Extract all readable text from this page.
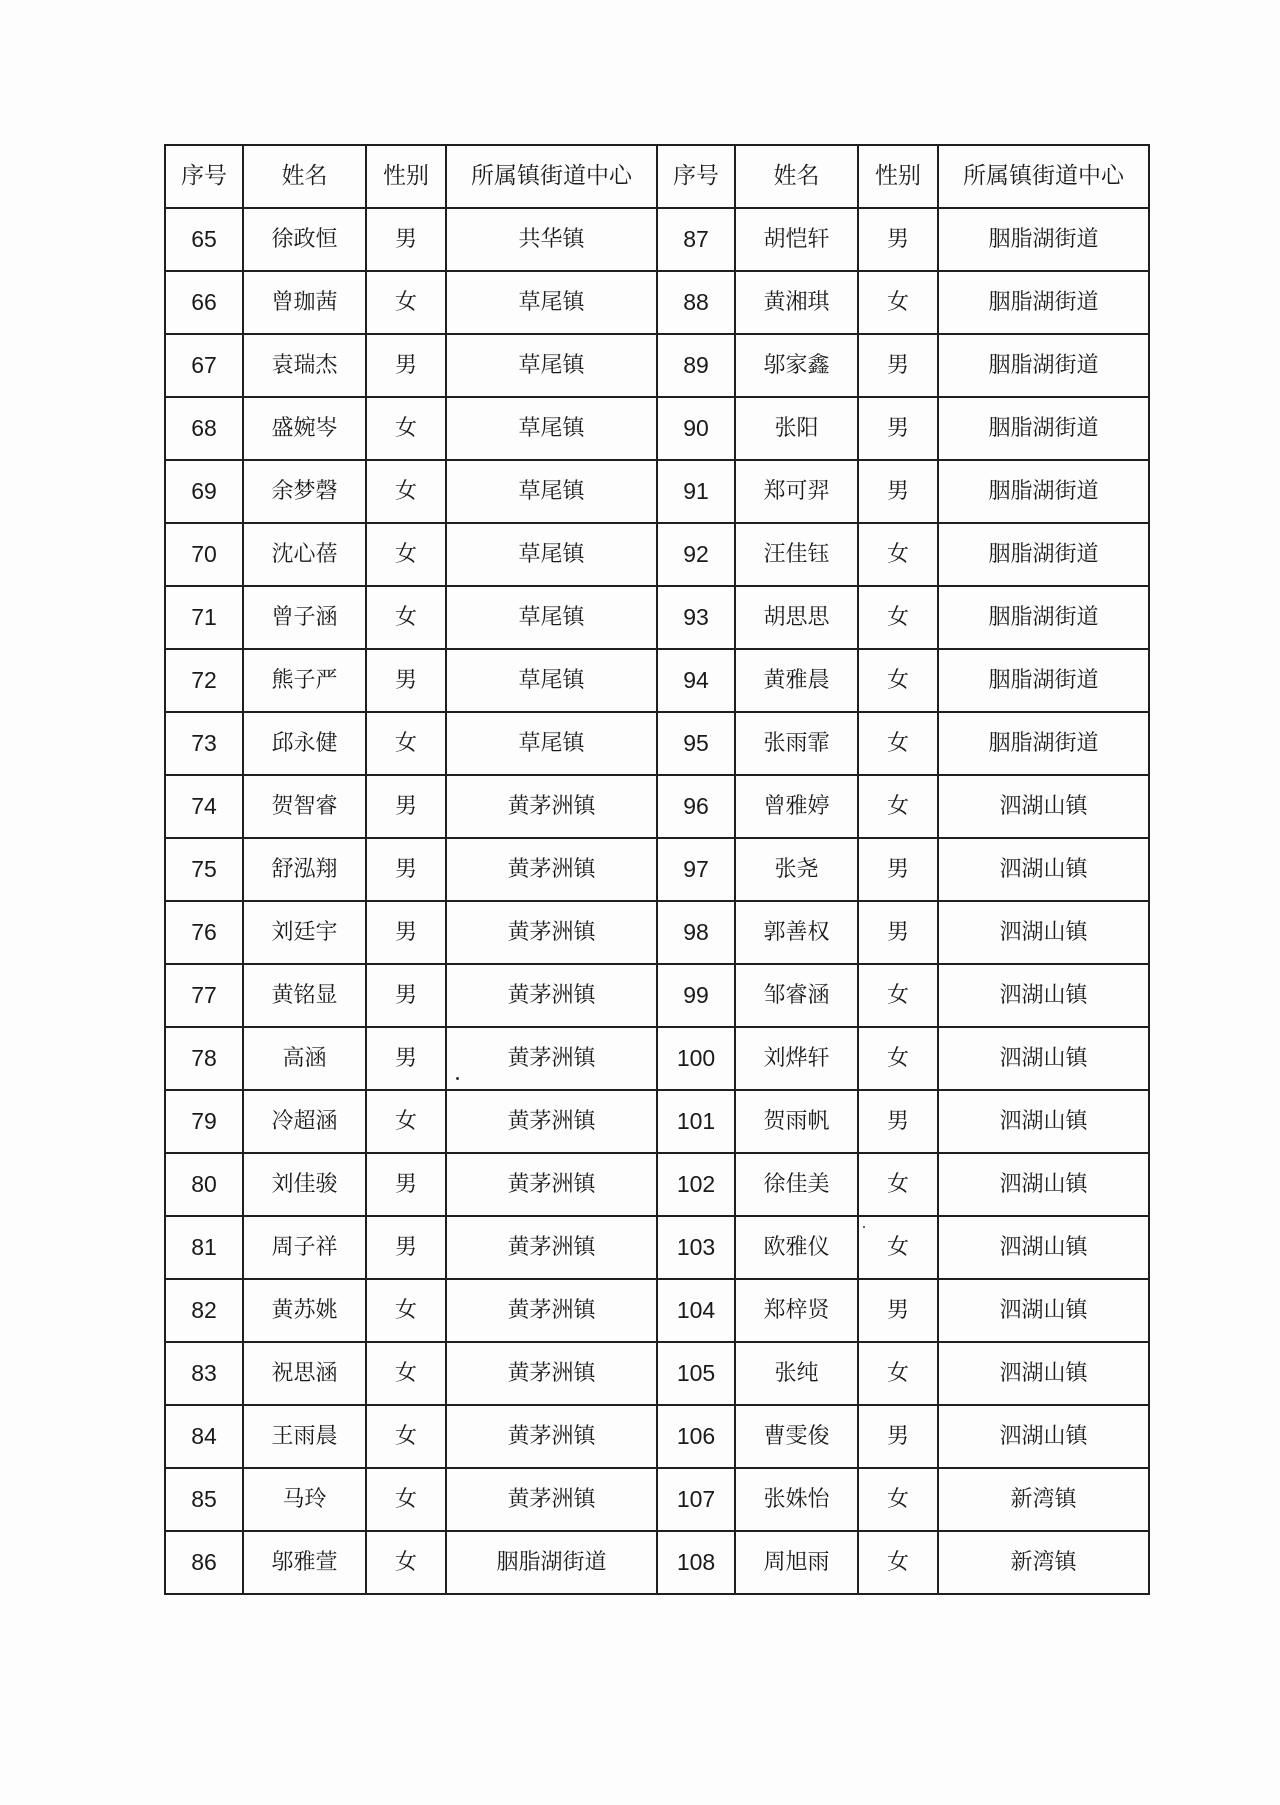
序号	姓名	性别	所属镇街道中心	序号	姓名	性别	所属镇街道中心
65	徐政恒	男	共华镇	87	胡恺轩	男	胭脂湖街道
66	曾珈茜	女	草尾镇	88	黄湘琪	女	胭脂湖街道
67	袁瑞杰	男	草尾镇	89	邬家鑫	男	胭脂湖街道
68	盛婉岑	女	草尾镇	90	张阳	男	胭脂湖街道
69	余梦磬	女	草尾镇	91	郑可羿	男	胭脂湖街道
70	沈心蓓	女	草尾镇	92	汪佳钰	女	胭脂湖街道
71	曾子涵	女	草尾镇	93	胡思思	女	胭脂湖街道
72	熊子严	男	草尾镇	94	黄雅晨	女	胭脂湖街道
73	邱永健	女	草尾镇	95	张雨霏	女	胭脂湖街道
74	贺智睿	男	黄茅洲镇	96	曾雅婷	女	泗湖山镇
75	舒泓翔	男	黄茅洲镇	97	张尧	男	泗湖山镇
76	刘廷宇	男	黄茅洲镇	98	郭善权	男	泗湖山镇
77	黄铭显	男	黄茅洲镇	99	邹睿涵	女	泗湖山镇
78	高涵	男	黄茅洲镇	100	刘烨轩	女	泗湖山镇
79	冷超涵	女	黄茅洲镇	101	贺雨帆	男	泗湖山镇
80	刘佳骏	男	黄茅洲镇	102	徐佳美	女	泗湖山镇
81	周子祥	男	黄茅洲镇	103	欧雅仪	女	泗湖山镇
82	黄苏姚	女	黄茅洲镇	104	郑梓贤	男	泗湖山镇
83	祝思涵	女	黄茅洲镇	105	张纯	女	泗湖山镇
84	王雨晨	女	黄茅洲镇	106	曹雯俊	男	泗湖山镇
85	马玲	女	黄茅洲镇	107	张姝怡	女	新湾镇
86	邬雅萱	女	胭脂湖街道	108	周旭雨	女	新湾镇
